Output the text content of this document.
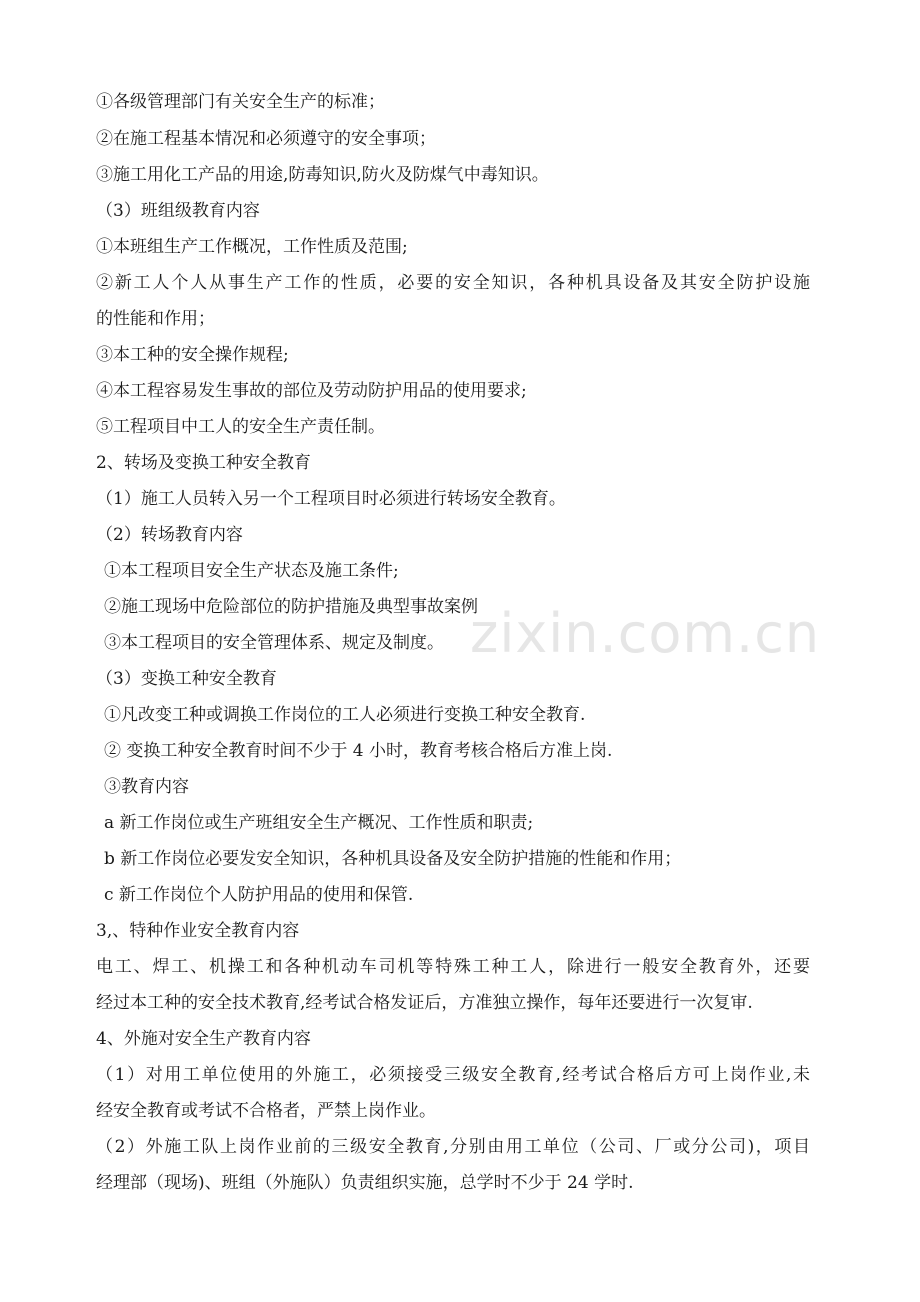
zixin.com.cn
①各级管理部门有关安全生产的标准；
②在施工程基本情况和必须遵守的安全事项；
③施工用化工产品的用途,防毒知识,防火及防煤气中毒知识。
（3）班组级教育内容
①本班组生产工作概况，工作性质及范围;
②新工人个人从事生产工作的性质，必要的安全知识，各种机具设备及其安全防护设施
的性能和作用；
③本工种的安全操作规程;
④本工程容易发生事故的部位及劳动防护用品的使用要求;
⑤工程项目中工人的安全生产责任制。
2、转场及变换工种安全教育
（1）施工人员转入另一个工程项目时必须进行转场安全教育。
（2）转场教育内容
①本工程项目安全生产状态及施工条件;
②施工现场中危险部位的防护措施及典型事故案例
③本工程项目的安全管理体系、规定及制度。
（3）变换工种安全教育
①凡改变工种或调换工作岗位的工人必须进行变换工种安全教育.
② 变换工种安全教育时间不少于 4 小时，教育考核合格后方准上岗.
③教育内容
a 新工作岗位或生产班组安全生产概况、工作性质和职责;
b 新工作岗位必要发安全知识，各种机具设备及安全防护措施的性能和作用；
c 新工作岗位个人防护用品的使用和保管.
3,、特种作业安全教育内容
电工、焊工、机操工和各种机动车司机等特殊工种工人，除进行一般安全教育外，还要
经过本工种的安全技术教育,经考试合格发证后，方准独立操作，每年还要进行一次复审.
4、外施对安全生产教育内容
（1）对用工单位使用的外施工，必须接受三级安全教育,经考试合格后方可上岗作业,未
经安全教育或考试不合格者，严禁上岗作业。
（2）外施工队上岗作业前的三级安全教育,分别由用工单位（公司、厂或分公司)，项目
经理部（现场)、班组（外施队）负责组织实施，总学时不少于 24 学时.
